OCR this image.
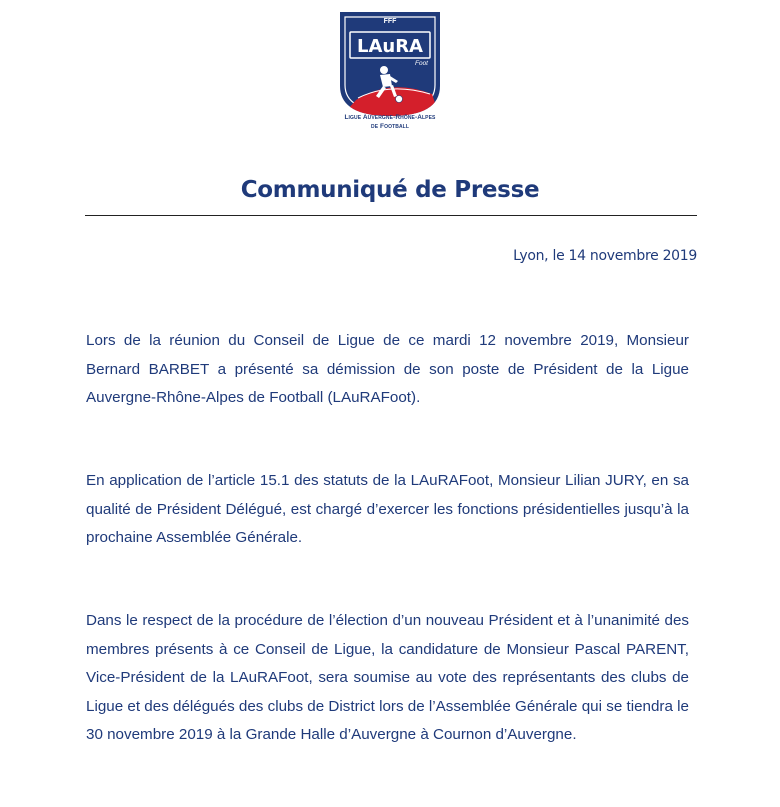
FFF
LAuRA
Foot
Ligue Auvergne-Rhône-Alpes
de Football
Communiqué de Presse
Lyon, le 14 novembre 2019

Lors de la réunion du Conseil de Ligue de ce mardi 12 novembre 2019, Monsieur Bernard BARBET a présenté sa démission de son poste de Président de la Ligue Auvergne-Rhône-Alpes de Football (LAuRAFoot).

En application de l’article 15.1 des statuts de la LAuRAFoot, Monsieur Lilian JURY, en sa qualité de Président Délégué, est chargé d’exercer les fonctions présidentielles jusqu’à la prochaine Assemblée Générale.

Dans le respect de la procédure de l’élection d’un nouveau Président et à l’unanimité des membres présents à ce Conseil de Ligue, la candidature de Monsieur Pascal PARENT, Vice-Président de la LAuRAFoot, sera soumise au vote des représentants des clubs de Ligue et des délégués des clubs de District lors de l’Assemblée Générale qui se tiendra le 30 novembre 2019 à la Grande Halle d’Auvergne à Cournon d’Auvergne.
